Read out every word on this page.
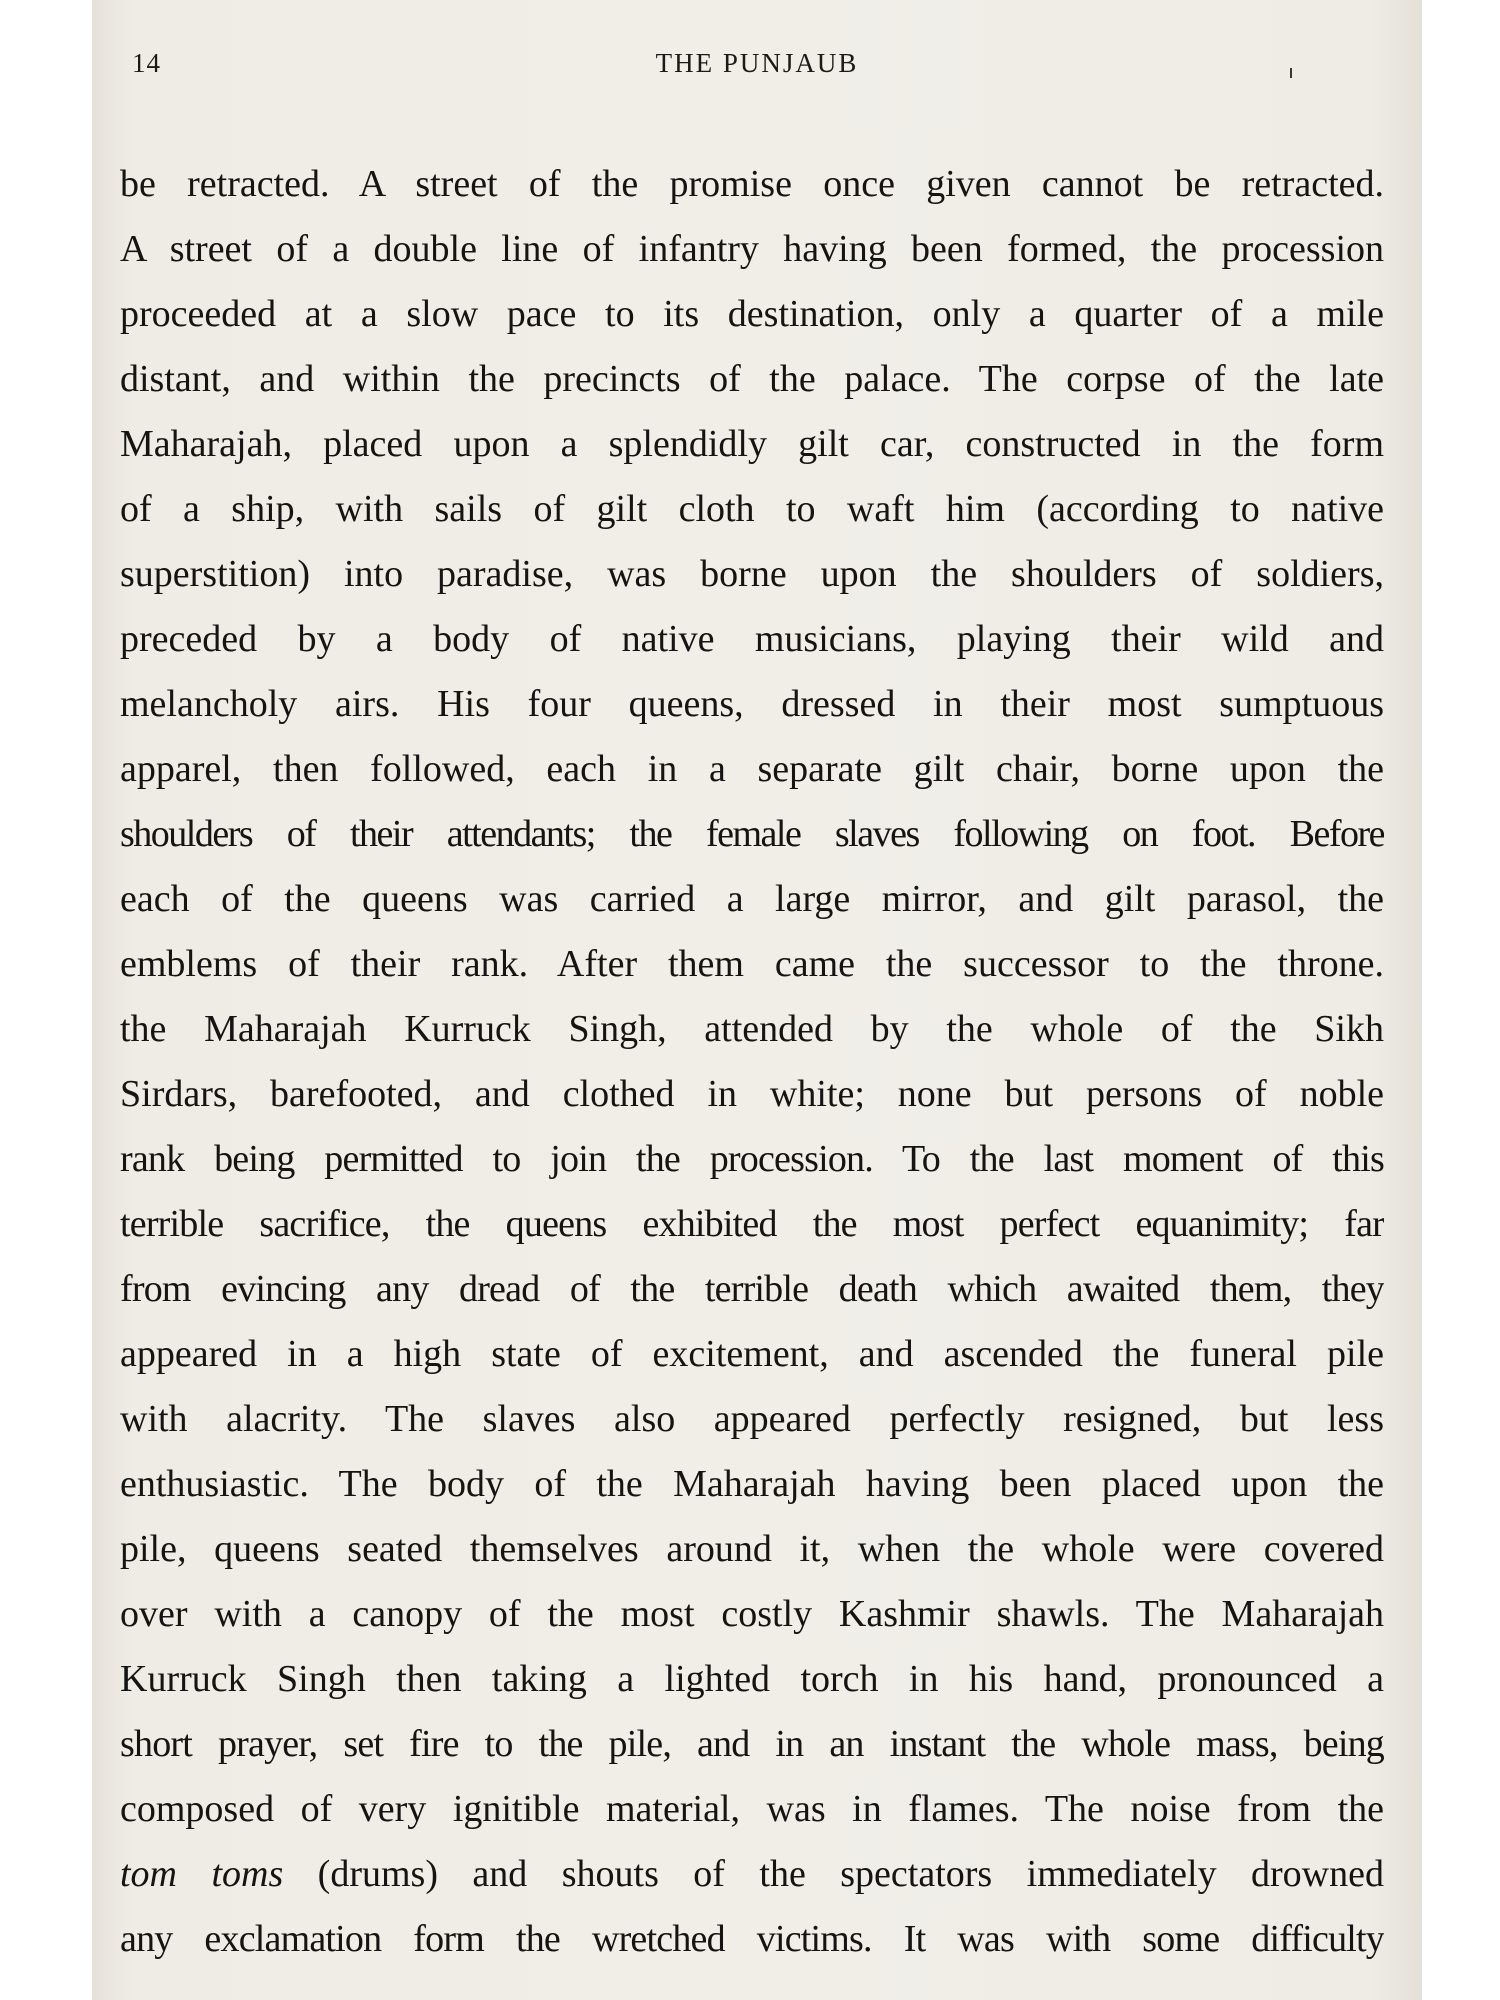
14	THE PUNJAUB
be retracted. A street of the promise once given cannot be retracted.
A street of a double line of infantry having been formed, the procession
proceeded at a slow pace to its destination, only a quarter of a mile
distant, and within the precincts of the palace. The corpse of the late
Maharajah, placed upon a splendidly gilt car, constructed in the form
of a ship, with sails of gilt cloth to waft him (according to native
superstition) into paradise, was borne upon the shoulders of soldiers,
preceded by a body of native musicians, playing their wild and
melancholy airs. His four queens, dressed in their most sumptuous
apparel, then followed, each in a separate gilt chair, borne upon the
shoulders of their attendants; the female slaves following on foot. Before
each of the queens was carried a large mirror, and gilt parasol, the
emblems of their rank. After them came the successor to the throne.
the Maharajah Kurruck Singh, attended by the whole of the Sikh
Sirdars, barefooted, and clothed in white; none but persons of noble
rank being permitted to join the procession. To the last moment of this
terrible sacrifice, the queens exhibited the most perfect equanimity; far
from evincing any dread of the terrible death which awaited them, they
appeared in a high state of excitement, and ascended the funeral pile
with alacrity. The slaves also appeared perfectly resigned, but less
enthusiastic. The body of the Maharajah having been placed upon the
pile, queens seated themselves around it, when the whole were covered
over with a canopy of the most costly Kashmir shawls. The Maharajah
Kurruck Singh then taking a lighted torch in his hand, pronounced a
short prayer, set fire to the pile, and in an instant the whole mass, being
composed of very ignitible material, was in flames. The noise from the
tom toms (drums) and shouts of the spectators immediately drowned
any exclamation form the wretched victims. It was with some difficulty
